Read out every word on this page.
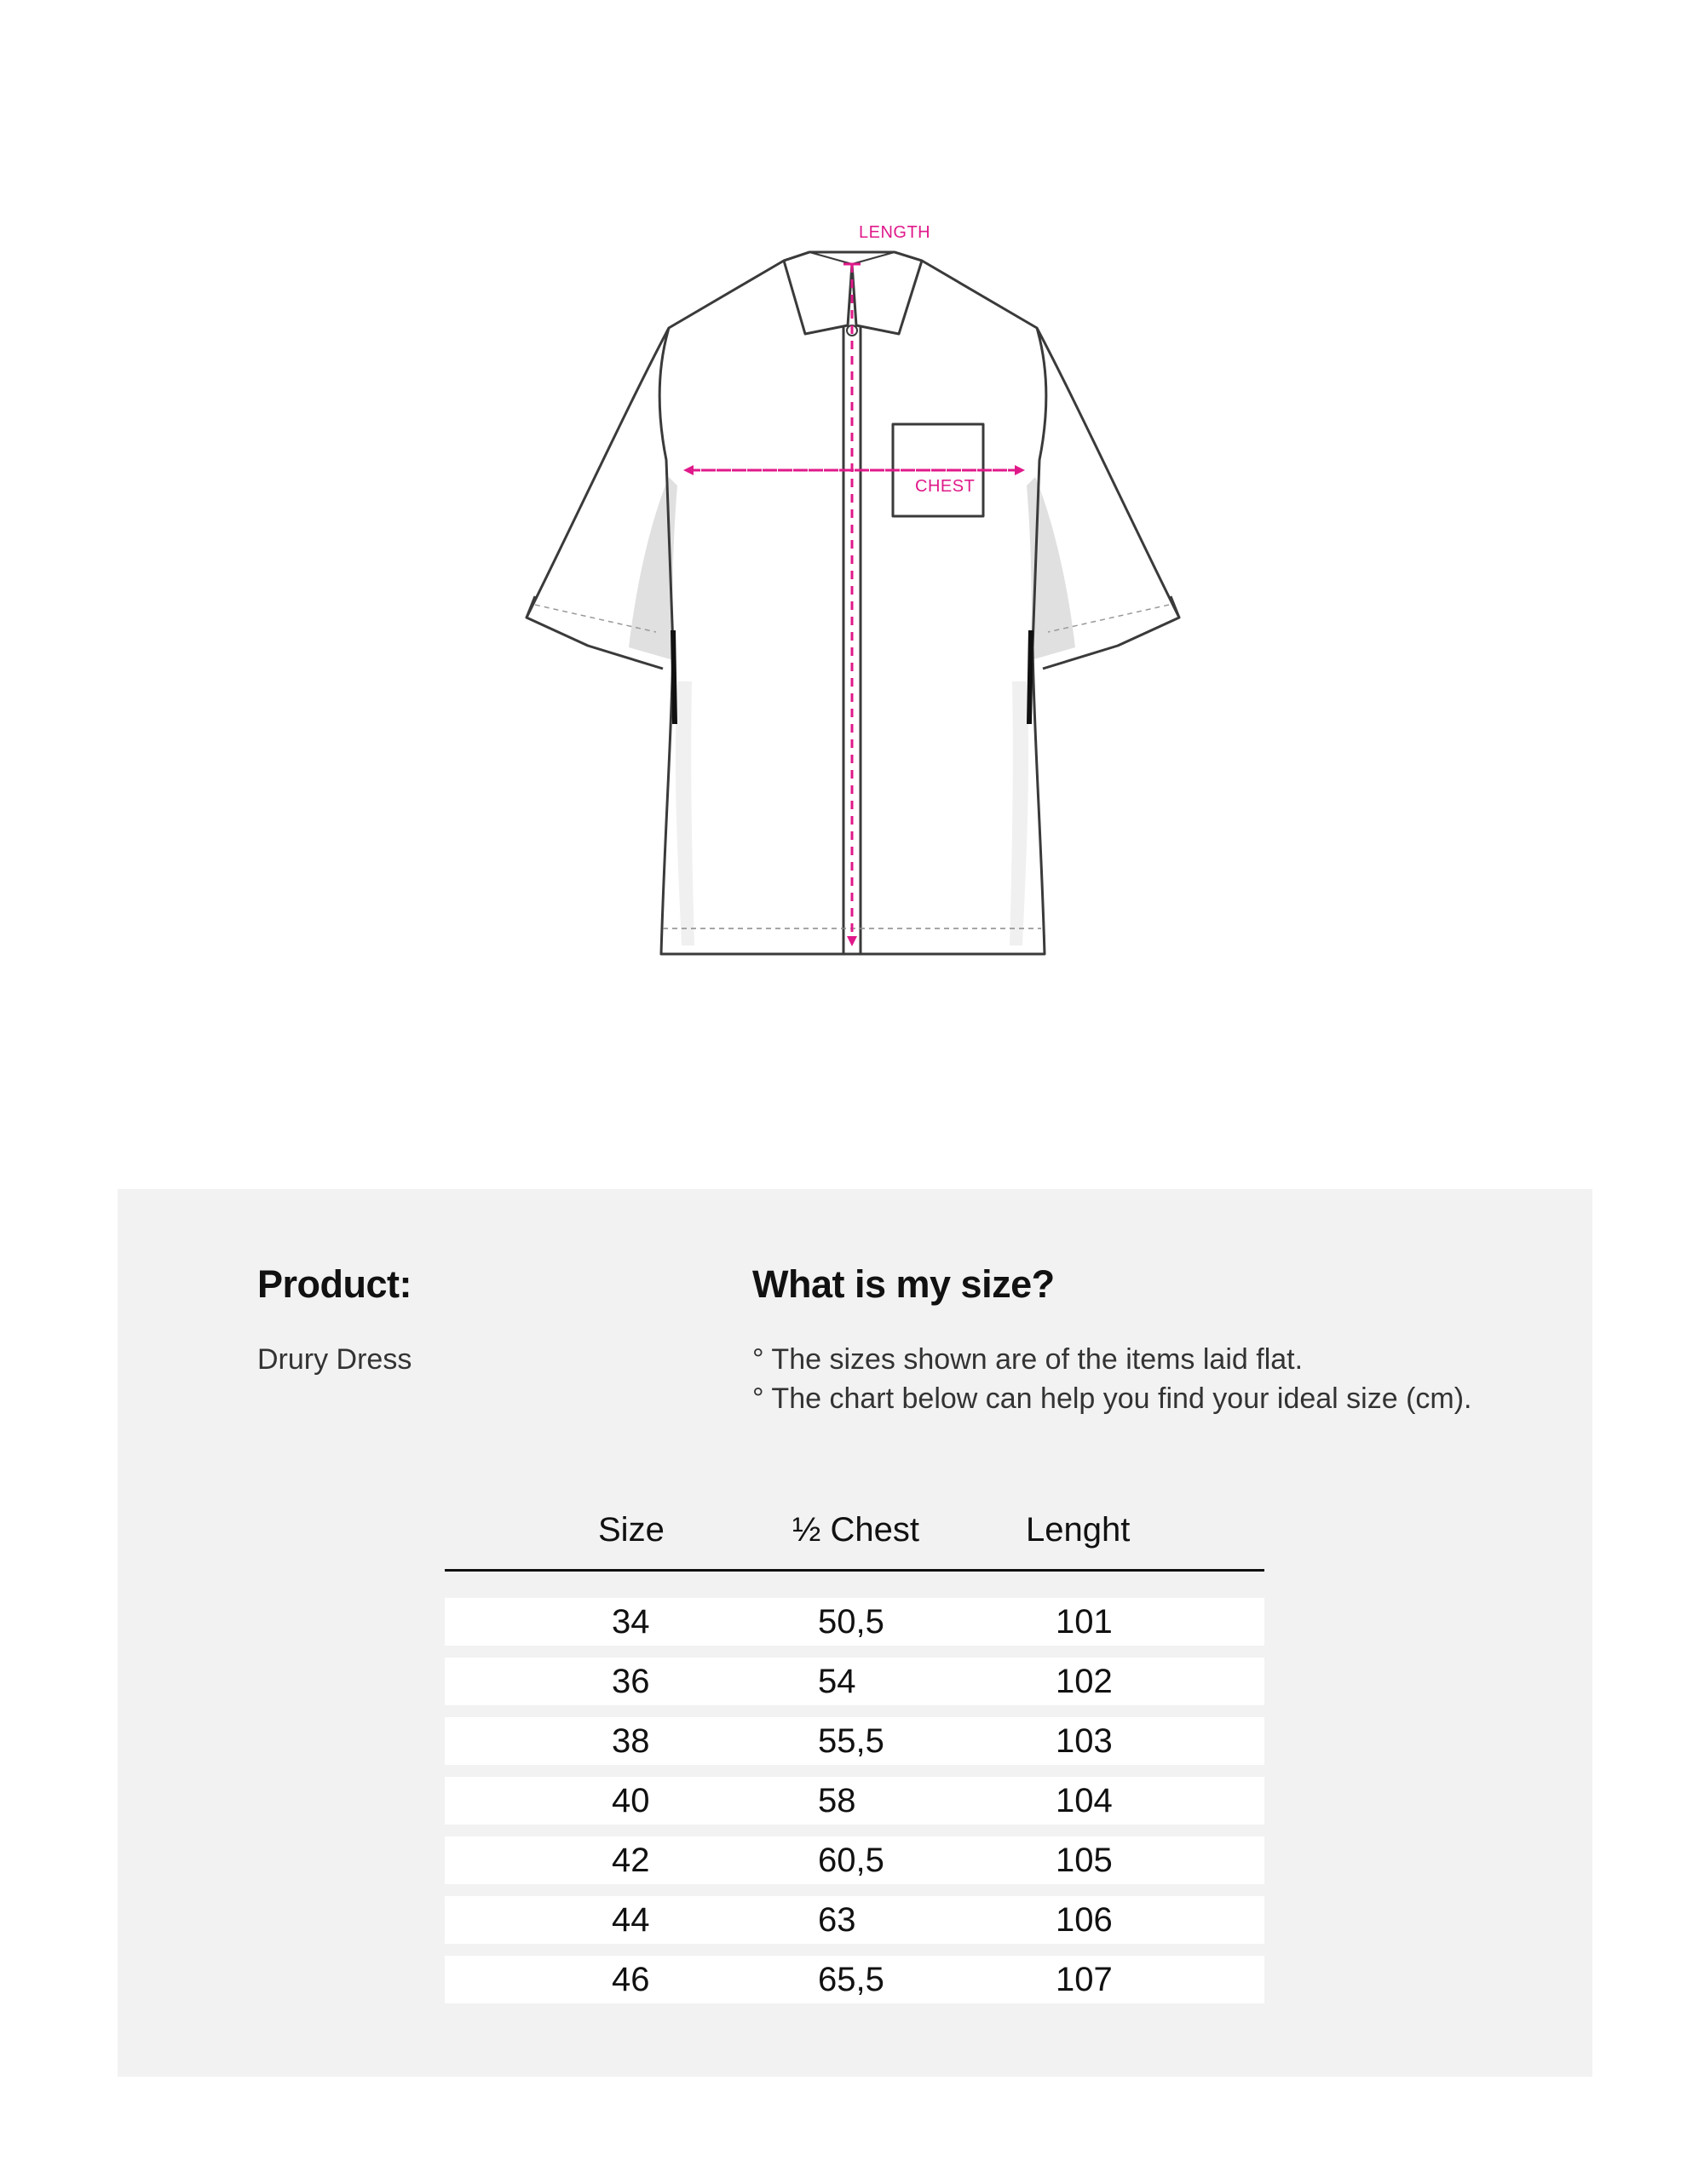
LENGTH
CHEST
Product:
Drury Dress
What is my size?
° The sizes shown are of the items laid flat.
° The chart below can help you find your ideal size (cm).
Size	½ Chest	Lenght
34	50,5	101
36	54	102
38	55,5	103
40	58	104
42	60,5	105
44	63	106
46	65,5	107
